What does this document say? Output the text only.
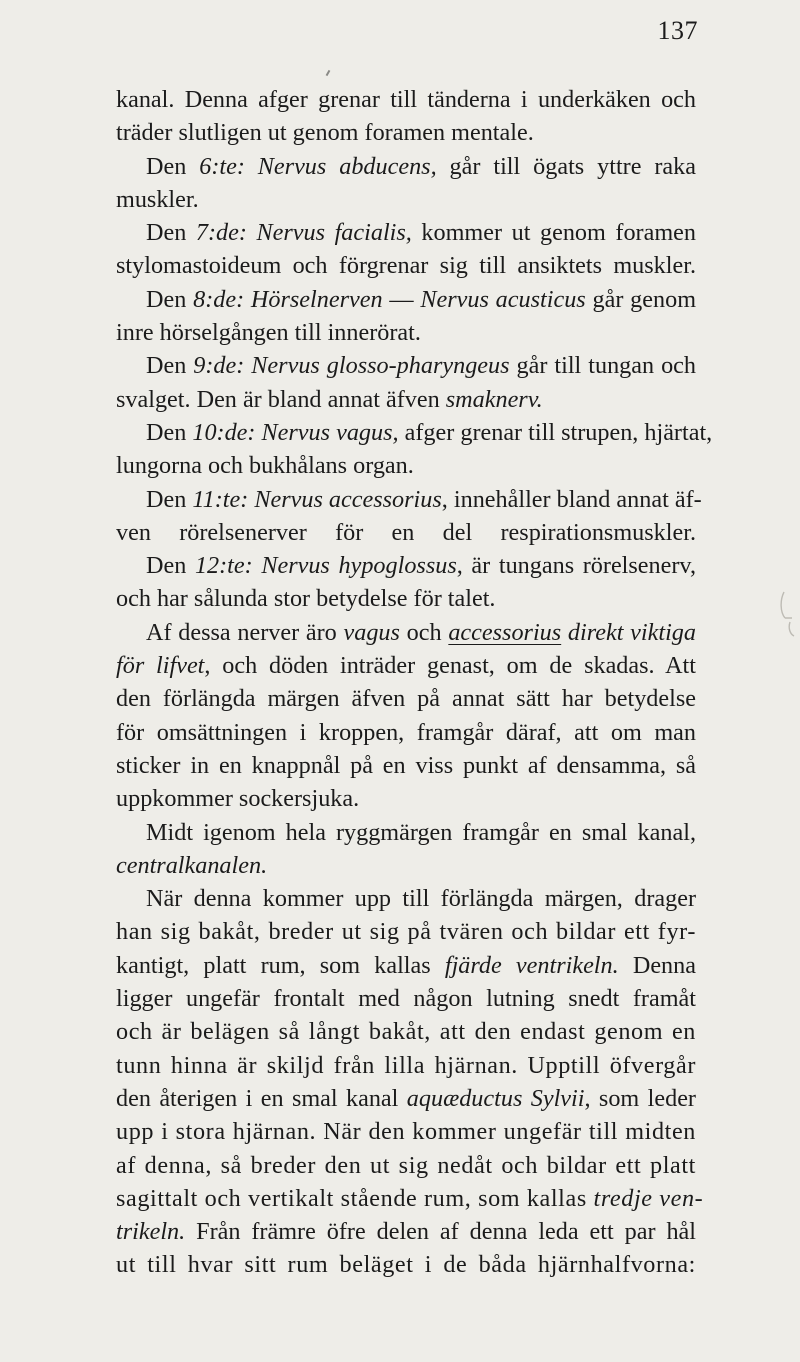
137
kanal. Denna afger grenar till tänderna i underkäken och
träder slutligen ut genom foramen mentale.
Den 6:te: Nervus abducens, går till ögats yttre raka
muskler.
Den 7:de: Nervus facialis, kommer ut genom foramen
stylomastoideum och förgrenar sig till ansiktets muskler.
Den 8:de: Hörselnerven — Nervus acusticus går genom
inre hörselgången till innerörat.
Den 9:de: Nervus glosso-pharyngeus går till tungan och
svalget. Den är bland annat äfven smaknerv.
Den 10:de: Nervus vagus, afger grenar till strupen, hjärtat,
lungorna och bukhålans organ.
Den 11:te: Nervus accessorius, innehåller bland annat äf-
ven rörelsenerver för en del respirationsmuskler.
Den 12:te: Nervus hypoglossus, är tungans rörelsenerv,
och har sålunda stor betydelse för talet.
Af dessa nerver äro vagus och accessorius direkt viktiga
för lifvet, och döden inträder genast, om de skadas. Att
den förlängda märgen äfven på annat sätt har betydelse
för omsättningen i kroppen, framgår däraf, att om man
sticker in en knappnål på en viss punkt af densamma, så
uppkommer sockersjuka.
Midt igenom hela ryggmärgen framgår en smal kanal,
centralkanalen.
När denna kommer upp till förlängda märgen, drager
han sig bakåt, breder ut sig på tvären och bildar ett fyr-
kantigt, platt rum, som kallas fjärde ventrikeln. Denna
ligger ungefär frontalt med någon lutning snedt framåt
och är belägen så långt bakåt, att den endast genom en
tunn hinna är skiljd från lilla hjärnan. Upptill öfvergår
den återigen i en smal kanal aquæductus Sylvii, som leder
upp i stora hjärnan. När den kommer ungefär till midten
af denna, så breder den ut sig nedåt och bildar ett platt
sagittalt och vertikalt stående rum, som kallas tredje ven-
trikeln. Från främre öfre delen af denna leda ett par hål
ut till hvar sitt rum beläget i de båda hjärnhalfvorna:
